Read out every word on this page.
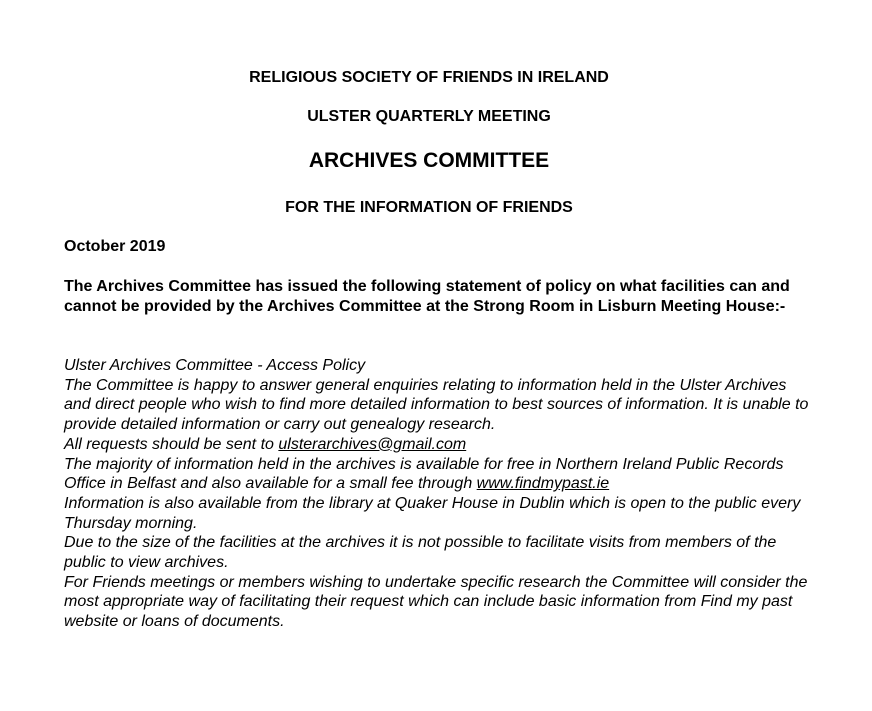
RELIGIOUS SOCIETY OF FRIENDS IN IRELAND
ULSTER QUARTERLY MEETING
ARCHIVES COMMITTEE
FOR THE INFORMATION OF FRIENDS
October 2019

The Archives Committee has issued the following statement of policy on what facilities can and cannot be provided by the Archives Committee at the Strong Room in Lisburn Meeting House:-

Ulster Archives Committee - Access Policy

The Committee is happy to answer general enquiries relating to information held in the Ulster Archives and direct people who wish to find more detailed information to best sources of information. It is unable to provide detailed information or carry out genealogy research.

All requests should be sent to ulsterarchives@gmail.com

The majority of information held in the archives is available for free in Northern Ireland Public Records Office in Belfast and also available for a small fee through www.findmypast.ie

Information is also available from the library at Quaker House in Dublin which is open to the public every Thursday morning.

Due to the size of the facilities at the archives it is not possible to facilitate visits from members of the public to view archives.

For Friends meetings or members wishing to undertake specific research the Committee will consider the most appropriate way of facilitating their request which can include basic information from Find my past website or loans of documents.
